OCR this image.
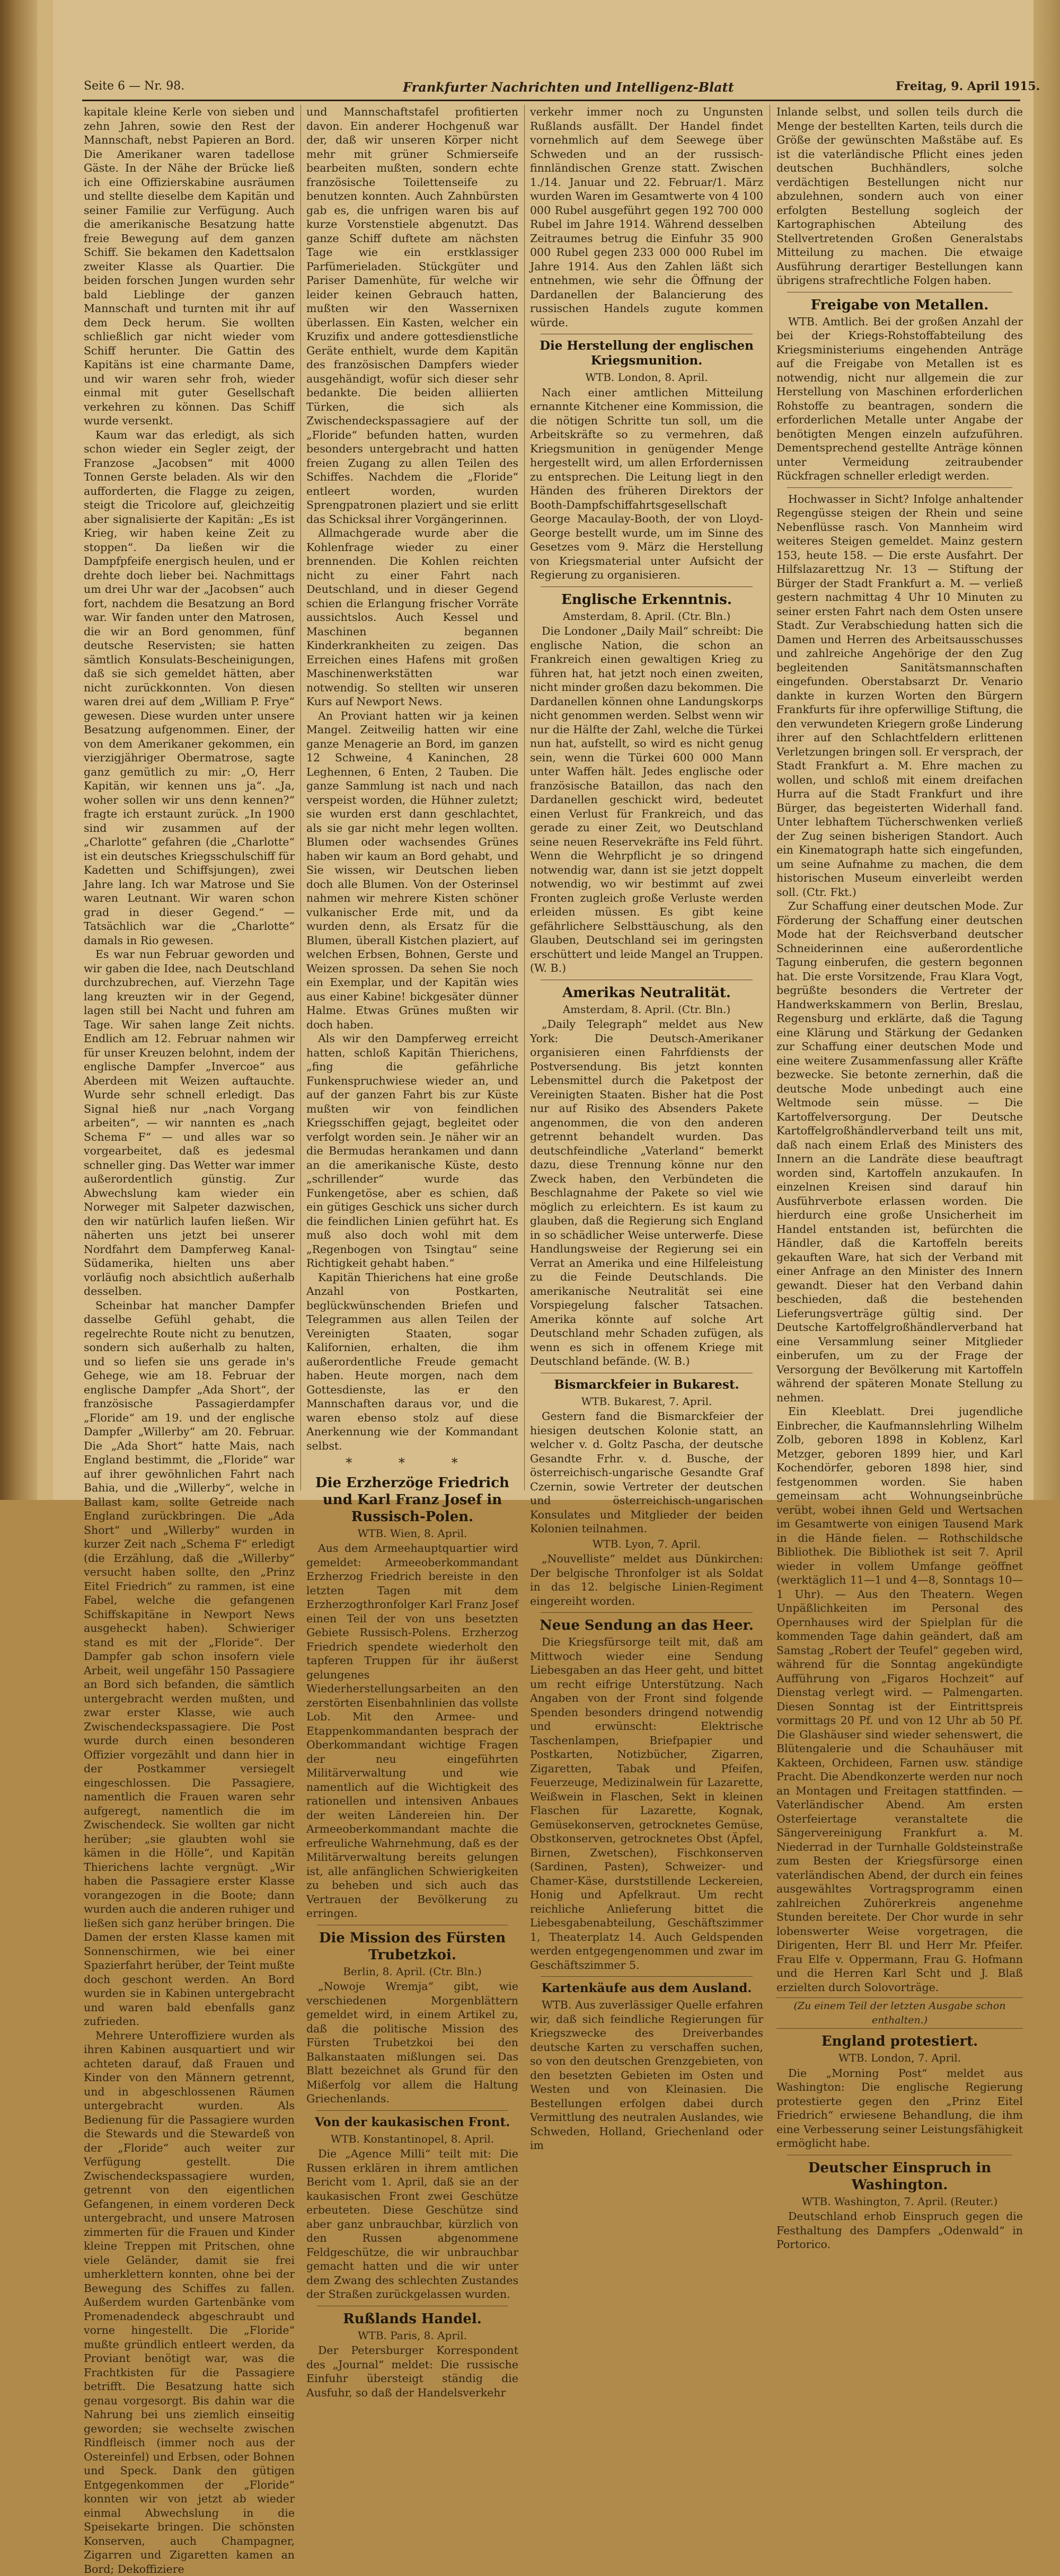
Seite 6 — Nr. 98.	Frankfurter Nachrichten und Intelligenz-Blatt	Freitag, 9. April 1915.

kapitale kleine Kerle von sieben und zehn Jahren, sowie den Rest der Mannschaft, nebst Papieren an Bord. Die Amerikaner waren tadellose Gäste. In der Nähe der Brücke ließ ich eine Offizierskabine ausräumen und stellte dieselbe dem Kapitän und seiner Familie zur Verfügung. Auch die amerikanische Besatzung hatte freie Bewegung auf dem ganzen Schiff. Sie bekamen den Kadettsalon zweiter Klasse als Quartier. Die beiden forschen Jungen wurden sehr bald Lieblinge der ganzen Mannschaft und turnten mit ihr auf dem Deck herum. Sie wollten schließlich gar nicht wieder vom Schiff herunter. Die Gattin des Kapitäns ist eine charmante Dame, und wir waren sehr froh, wieder einmal mit guter Gesellschaft verkehren zu können. Das Schiff wurde versenkt.

Kaum war das erledigt, als sich schon wieder ein Segler zeigt, der Franzose „Jacobsen“ mit 4000 Tonnen Gerste beladen. Als wir den aufforderten, die Flagge zu zeigen, steigt die Tricolore auf, gleichzeitig aber signalisierte der Kapitän: „Es ist Krieg, wir haben keine Zeit zu stoppen“. Da ließen wir die Dampfpfeife energisch heulen, und er drehte doch lieber bei. Nachmittags um drei Uhr war der „Jacobsen“ auch fort, nachdem die Besatzung an Bord war. Wir fanden unter den Matrosen, die wir an Bord genommen, fünf deutsche Reservisten; sie hatten sämtlich Konsulats-Bescheinigungen, daß sie sich gemeldet hätten, aber nicht zurückkonnten. Von diesen waren drei auf dem „William P. Frye“ gewesen. Diese wurden unter unsere Besatzung aufgenommen. Einer, der von dem Amerikaner gekommen, ein vierzigjähriger Obermatrose, sagte ganz gemütlich zu mir: „O, Herr Kapitän, wir kennen uns ja“. „Ja, woher sollen wir uns denn kennen?“ fragte ich erstaunt zurück. „In 1900 sind wir zusammen auf der „Charlotte“ gefahren (die „Charlotte“ ist ein deutsches Kriegsschulschiff für Kadetten und Schiffsjungen), zwei Jahre lang. Ich war Matrose und Sie waren Leutnant. Wir waren schon grad in dieser Gegend.“ — Tatsächlich war die „Charlotte“ damals in Rio gewesen.

Es war nun Februar geworden und wir gaben die Idee, nach Deutschland durchzubrechen, auf. Vierzehn Tage lang kreuzten wir in der Gegend, lagen still bei Nacht und fuhren am Tage. Wir sahen lange Zeit nichts. Endlich am 12. Februar nahmen wir für unser Kreuzen belohnt, indem der englische Dampfer „Invercoe“ aus Aberdeen mit Weizen auftauchte. Wurde sehr schnell erledigt. Das Signal hieß nur „nach Vorgang arbeiten“, — wir nannten es „nach Schema F“ — und alles war so vorgearbeitet, daß es jedesmal schneller ging. Das Wetter war immer außerordentlich günstig. Zur Abwechslung kam wieder ein Norweger mit Salpeter dazwischen, den wir natürlich laufen ließen. Wir näherten uns jetzt bei unserer Nordfahrt dem Dampferweg Kanal-Südamerika, hielten uns aber vorläufig noch absichtlich außerhalb desselben.

Scheinbar hat mancher Dampfer dasselbe Gefühl gehabt, die regelrechte Route nicht zu benutzen, sondern sich außerhalb zu halten, und so liefen sie uns gerade in's Gehege, wie am 18. Februar der englische Dampfer „Ada Short“, der französische Passagierdampfer „Floride“ am 19. und der englische Dampfer „Willerby“ am 20. Februar. Die „Ada Short“ hatte Mais, nach England bestimmt, die „Floride“ war auf ihrer gewöhnlichen Fahrt nach Bahia, und die „Willerby“, welche in Ballast kam, sollte Getreide nach England zurückbringen. Die „Ada Short“ und „Willerby“ wurden in kurzer Zeit nach „Schema F“ erledigt (die Erzählung, daß die „Willerby“ versucht haben sollte, den „Prinz Eitel Friedrich“ zu rammen, ist eine Fabel, welche die gefangenen Schiffskapitäne in Newport News ausgeheckt haben). Schwieriger stand es mit der „Floride“. Der Dampfer gab schon insofern viele Arbeit, weil ungefähr 150 Passagiere an Bord sich befanden, die sämtlich untergebracht werden mußten, und zwar erster Klasse, wie auch Zwischendeckspassagiere. Die Post wurde durch einen besonderen Offizier vorgezählt und dann hier in der Postkammer versiegelt eingeschlossen. Die Passagiere, namentlich die Frauen waren sehr aufgeregt, namentlich die im Zwischendeck. Sie wollten gar nicht herüber; „sie glaubten wohl sie kämen in die Hölle“, und Kapitän Thierichens lachte vergnügt. „Wir haben die Passagiere erster Klasse vorangezogen in die Boote; dann wurden auch die anderen ruhiger und ließen sich ganz herüber bringen. Die Damen der ersten Klasse kamen mit Sonnenschirmen, wie bei einer Spazierfahrt herüber, der Teint mußte doch geschont werden. An Bord wurden sie in Kabinen untergebracht und waren bald ebenfalls ganz zufrieden.

Mehrere Unteroffiziere wurden als ihren Kabinen ausquartiert und wir achteten darauf, daß Frauen und Kinder von den Männern getrennt, und in abgeschlossenen Räumen untergebracht wurden. Als Bedienung für die Passagiere wurden die Stewards und die Stewardeß von der „Floride“ auch weiter zur Verfügung gestellt. Die Zwischendeckspassagiere wurden, getrennt von den eigentlichen Gefangenen, in einem vorderen Deck untergebracht, und unsere Matrosen zimmerten für die Frauen und Kinder kleine Treppen mit Pritschen, ohne viele Geländer, damit sie frei umherklettern konnten, ohne bei der Bewegung des Schiffes zu fallen. Außerdem wurden Gartenbänke vom Promenadendeck abgeschraubt und vorne hingestellt. Die „Floride“ mußte gründlich entleert werden, da Proviant benötigt war, was die Frachtkisten für die Passagiere betrifft. Die Besatzung hatte sich genau vorgesorgt. Bis dahin war die Nahrung bei uns ziemlich einseitig geworden; sie wechselte zwischen Rindfleisch (immer noch aus der Ostereinfel) und Erbsen, oder Bohnen und Speck. Dank den gütigen Entgegenkommen der „Floride“ konnten wir von jetzt ab wieder einmal Abwechslung in die Speisekarte bringen. Die schönsten Konserven, auch Champagner, Zigarren und Zigaretten kamen an Bord; Dekoffiziere

und Mannschaftstafel profitierten davon. Ein anderer Hochgenuß war der, daß wir unseren Körper nicht mehr mit grüner Schmierseife bearbeiten mußten, sondern echte französische Toilettenseife zu benutzen konnten. Auch Zahnbürsten gab es, die unfrigen waren bis auf kurze Vorstenstiele abgenutzt. Das ganze Schiff duftete am nächsten Tage wie ein erstklassiger Parfümerieladen. Stückgüter und Pariser Damenhüte, für welche wir leider keinen Gebrauch hatten, mußten wir den Wassernixen überlassen. Ein Kasten, welcher ein Kruzifix und andere gottesdienstliche Geräte enthielt, wurde dem Kapitän des französischen Dampfers wieder ausgehändigt, wofür sich dieser sehr bedankte. Die beiden alliierten Türken, die sich als Zwischendeckspassagiere auf der „Floride“ befunden hatten, wurden besonders untergebracht und hatten freien Zugang zu allen Teilen des Schiffes. Nachdem die „Floride“ entleert worden, wurden Sprengpatronen plaziert und sie erlitt das Schicksal ihrer Vorgängerinnen.

Allmachgerade wurde aber die Kohlenfrage wieder zu einer brennenden. Die Kohlen reichten nicht zu einer Fahrt nach Deutschland, und in dieser Gegend schien die Erlangung frischer Vorräte aussichtslos. Auch Kessel und Maschinen begannen Kinderkrankheiten zu zeigen. Das Erreichen eines Hafens mit großen Maschinenwerkstätten war notwendig. So stellten wir unseren Kurs auf Newport News.

An Proviant hatten wir ja keinen Mangel. Zeitweilig hatten wir eine ganze Menagerie an Bord, im ganzen 12 Schweine, 4 Kaninchen, 28 Leghennen, 6 Enten, 2 Tauben. Die ganze Sammlung ist nach und nach verspeist worden, die Hühner zuletzt; sie wurden erst dann geschlachtet, als sie gar nicht mehr legen wollten. Blumen oder wachsendes Grünes haben wir kaum an Bord gehabt, und Sie wissen, wir Deutschen lieben doch alle Blumen. Von der Osterinsel nahmen wir mehrere Kisten schöner vulkanischer Erde mit, und da wurden denn, als Ersatz für die Blumen, überall Kistchen plaziert, auf welchen Erbsen, Bohnen, Gerste und Weizen sprossen. Da sehen Sie noch ein Exemplar, und der Kapitän wies aus einer Kabine! bickgesäter dünner Halme. Etwas Grünes mußten wir doch haben.

Als wir den Dampferweg erreicht hatten, schloß Kapitän Thierichens, „fing die gefährliche Funkenspruchwiese wieder an, und auf der ganzen Fahrt bis zur Küste mußten wir von feindlichen Kriegsschiffen gejagt, begleitet oder verfolgt worden sein. Je näher wir an die Bermudas herankamen und dann an die amerikanische Küste, desto „schrillender“ wurde das Funkengetöse, aber es schien, daß ein gütiges Geschick uns sicher durch die feindlichen Linien geführt hat. Es muß also doch wohl mit dem „Regenbogen von Tsingtau“ seine Richtigkeit gehabt haben.“

Kapitän Thierichens hat eine große Anzahl von Postkarten, beglückwünschenden Briefen und Telegrammen aus allen Teilen der Vereinigten Staaten, sogar Kalifornien, erhalten, die ihm außerordentliche Freude gemacht haben. Heute morgen, nach dem Gottesdienste, las er den Mannschaften daraus vor, und die waren ebenso stolz auf diese Anerkennung wie der Kommandant selbst.

* * *
Die Erzherzöge Friedrich und Karl Franz Josef in Russisch-Polen.
WTB. Wien, 8. April.

Aus dem Armeehauptquartier wird gemeldet: Armeeoberkommandant Erzherzog Friedrich bereiste in den letzten Tagen mit dem Erzherzogthronfolger Karl Franz Josef einen Teil der von uns besetzten Gebiete Russisch-Polens. Erzherzog Friedrich spendete wiederholt den tapferen Truppen für ihr äußerst gelungenes Wiederherstellungsarbeiten an den zerstörten Eisenbahnlinien das vollste Lob. Mit den Armee- und Etappenkommandanten besprach der Oberkommandant wichtige Fragen der neu eingeführten Militärverwaltung und wie namentlich auf die Wichtigkeit des rationellen und intensiven Anbaues der weiten Ländereien hin. Der Armeeoberkommandant machte die erfreuliche Wahrnehmung, daß es der Militärverwaltung bereits gelungen ist, alle anfänglichen Schwierigkeiten zu beheben und sich auch das Vertrauen der Bevölkerung zu erringen.

Die Mission des Fürsten Trubetzkoi.
Berlin, 8. April. (Ctr. Bln.)

„Nowoje Wremja“ gibt, wie verschiedenen Morgenblättern gemeldet wird, in einem Artikel zu, daß die politische Mission des Fürsten Trubetzkoi bei den Balkanstaaten mißlungen sei. Das Blatt bezeichnet als Grund für den Mißerfolg vor allem die Haltung Griechenlands.

Von der kaukasischen Front.
WTB. Konstantinopel, 8. April.

Die „Agence Milli“ teilt mit: Die Russen erklären in ihrem amtlichen Bericht vom 1. April, daß sie an der kaukasischen Front zwei Geschütze erbeuteten. Diese Geschütze sind aber ganz unbrauchbar, kürzlich von den Russen abgenommene Feldgeschütze, die wir unbrauchbar gemacht hatten und die wir unter dem Zwang des schlechten Zustandes der Straßen zurückgelassen wurden.

Rußlands Handel.
WTB. Paris, 8. April.

Der Petersburger Korrespondent des „Journal“ meldet: Die russische Einfuhr übersteigt ständig die Ausfuhr, so daß der Handelsverkehr

verkehr immer noch zu Ungunsten Rußlands ausfällt. Der Handel findet vornehmlich auf dem Seewege über Schweden und an der russisch-finnländischen Grenze statt. Zwischen 1./14. Januar und 22. Februar/1. März wurden Waren im Gesamtwerte von 4 100 000 Rubel ausgeführt gegen 192 700 000 Rubel im Jahre 1914. Während desselben Zeitraumes betrug die Einfuhr 35 900 000 Rubel gegen 233 000 000 Rubel im Jahre 1914. Aus den Zahlen läßt sich entnehmen, wie sehr die Öffnung der Dardanellen der Balancierung des russischen Handels zugute kommen würde.

Die Herstellung der englischen Kriegsmunition.
WTB. London, 8. April.

Nach einer amtlichen Mitteilung ernannte Kitchener eine Kommission, die die nötigen Schritte tun soll, um die Arbeitskräfte so zu vermehren, daß Kriegsmunition in genügender Menge hergestellt wird, um allen Erfordernissen zu entsprechen. Die Leitung liegt in den Händen des früheren Direktors der Booth-Dampfschiffahrtsgesellschaft George Macaulay-Booth, der von Lloyd-George bestellt wurde, um im Sinne des Gesetzes vom 9. März die Herstellung von Kriegsmaterial unter Aufsicht der Regierung zu organisieren.

Englische Erkenntnis.
Amsterdam, 8. April. (Ctr. Bln.)

Die Londoner „Daily Mail“ schreibt: Die englische Nation, die schon an Frankreich einen gewaltigen Krieg zu führen hat, hat jetzt noch einen zweiten, nicht minder großen dazu bekommen. Die Dardanellen können ohne Landungskorps nicht genommen werden. Selbst wenn wir nur die Hälfte der Zahl, welche die Türkei nun hat, aufstellt, so wird es nicht genug sein, wenn die Türkei 600 000 Mann unter Waffen hält. Jedes englische oder französische Bataillon, das nach den Dardanellen geschickt wird, bedeutet einen Verlust für Frankreich, und das gerade zu einer Zeit, wo Deutschland seine neuen Reservekräfte ins Feld führt. Wenn die Wehrpflicht je so dringend notwendig war, dann ist sie jetzt doppelt notwendig, wo wir bestimmt auf zwei Fronten zugleich große Verluste werden erleiden müssen. Es gibt keine gefährlichere Selbsttäuschung, als den Glauben, Deutschland sei im geringsten erschüttert und leide Mangel an Truppen. (W. B.)

Amerikas Neutralität.
Amsterdam, 8. April. (Ctr. Bln.)

„Daily Telegraph“ meldet aus New York: Die Deutsch-Amerikaner organisieren einen Fahrfdiensts der Postversendung. Bis jetzt konnten Lebensmittel durch die Paketpost der Vereinigten Staaten. Bisher hat die Post nur auf Risiko des Absenders Pakete angenommen, die von den anderen getrennt behandelt wurden. Das deutschfeindliche „Vaterland“ bemerkt dazu, diese Trennung könne nur den Zweck haben, den Verbündeten die Beschlagnahme der Pakete so viel wie möglich zu erleichtern. Es ist kaum zu glauben, daß die Regierung sich England in so schädlicher Weise unterwerfe. Diese Handlungsweise der Regierung sei ein Verrat an Amerika und eine Hilfeleistung zu die Feinde Deutschlands. Die amerikanische Neutralität sei eine Vorspiegelung falscher Tatsachen. Amerika könnte auf solche Art Deutschland mehr Schaden zufügen, als wenn es sich in offenem Kriege mit Deutschland befände. (W. B.)

Bismarckfeier in Bukarest.
WTB. Bukarest, 7. April.

Gestern fand die Bismarckfeier der hiesigen deutschen Kolonie statt, an welcher v. d. Goltz Pascha, der deutsche Gesandte Frhr. v. d. Busche, der österreichisch-ungarische Gesandte Graf Czernin, sowie Vertreter der deutschen und österreichisch-ungarischen Konsulates und Mitglieder der beiden Kolonien teilnahmen.

WTB. Lyon, 7. April.

„Nouvelliste“ meldet aus Dünkirchen: Der belgische Thronfolger ist als Soldat in das 12. belgische Linien-Regiment eingereiht worden.

Neue Sendung an das Heer.

Die Kriegsfürsorge teilt mit, daß am Mittwoch wieder eine Sendung Liebesgaben an das Heer geht, und bittet um recht eifrige Unterstützung. Nach Angaben von der Front sind folgende Spenden besonders dringend notwendig und erwünscht: Elektrische Taschenlampen, Briefpapier und Postkarten, Notizbücher, Zigarren, Zigaretten, Tabak und Pfeifen, Feuerzeuge, Medizinalwein für Lazarette, Weißwein in Flaschen, Sekt in kleinen Flaschen für Lazarette, Kognak, Gemüsekonserven, getrocknetes Gemüse, Obstkonserven, getrocknetes Obst (Äpfel, Birnen, Zwetschen), Fischkonserven (Sardinen, Pasten), Schweizer- und Chamer-Käse, durststillende Leckereien, Honig und Apfelkraut. Um recht reichliche Anlieferung bittet die Liebesgabenabteilung, Geschäftszimmer 1, Theaterplatz 14. Auch Geldspenden werden entgegengenommen und zwar im Geschäftszimmer 5.

Kartenkäufe aus dem Ausland.

WTB. Aus zuverlässiger Quelle erfahren wir, daß sich feindliche Regierungen für Kriegszwecke des Dreiverbandes deutsche Karten zu verschaffen suchen, so von den deutschen Grenzgebieten, von den besetzten Gebieten im Osten und Westen und von Kleinasien. Die Bestellungen erfolgen dabei durch Vermittlung des neutralen Auslandes, wie Schweden, Holland, Griechenland oder im

Inlande selbst, und sollen teils durch die Menge der bestellten Karten, teils durch die Größe der gewünschten Maßstäbe auf. Es ist die vaterländische Pflicht eines jeden deutschen Buchhändlers, solche verdächtigen Bestellungen nicht nur abzulehnen, sondern auch von einer erfolgten Bestellung sogleich der Kartographischen Abteilung des Stellvertretenden Großen Generalstabs Mitteilung zu machen. Die etwaige Ausführung derartiger Bestellungen kann übrigens strafrechtliche Folgen haben.

Freigabe von Metallen.

WTB. Amtlich. Bei der großen Anzahl der bei der Kriegs-Rohstoffabteilung des Kriegsministeriums eingehenden Anträge auf die Freigabe von Metallen ist es notwendig, nicht nur allgemein die zur Herstellung von Maschinen erforderlichen Rohstoffe zu beantragen, sondern die erforderlichen Metalle unter Angabe der benötigten Mengen einzeln aufzuführen. Dementsprechend gestellte Anträge können unter Vermeidung zeitraubender Rückfragen schneller erledigt werden.

Hochwasser in Sicht? Infolge anhaltender Regengüsse steigen der Rhein und seine Nebenflüsse rasch. Von Mannheim wird weiteres Steigen gemeldet. Mainz gestern 153, heute 158. — Die erste Ausfahrt. Der Hilfslazarettzug Nr. 13 — Stiftung der Bürger der Stadt Frankfurt a. M. — verließ gestern nachmittag 4 Uhr 10 Minuten zu seiner ersten Fahrt nach dem Osten unsere Stadt. Zur Verabschiedung hatten sich die Damen und Herren des Arbeitsausschusses und zahlreiche Angehörige der den Zug begleitenden Sanitätsmannschaften eingefunden. Oberstabsarzt Dr. Venario dankte in kurzen Worten den Bürgern Frankfurts für ihre opferwillige Stiftung, die den verwundeten Kriegern große Linderung ihrer auf den Schlachtfeldern erlittenen Verletzungen bringen soll. Er versprach, der Stadt Frankfurt a. M. Ehre machen zu wollen, und schloß mit einem dreifachen Hurra auf die Stadt Frankfurt und ihre Bürger, das begeisterten Widerhall fand. Unter lebhaftem Tücherschwenken verließ der Zug seinen bisherigen Standort. Auch ein Kinematograph hatte sich eingefunden, um seine Aufnahme zu machen, die dem historischen Museum einverleibt werden soll. (Ctr. Fkt.)

Zur Schaffung einer deutschen Mode. Zur Förderung der Schaffung einer deutschen Mode hat der Reichsverband deutscher Schneiderinnen eine außerordentliche Tagung einberufen, die gestern begonnen hat. Die erste Vorsitzende, Frau Klara Vogt, begrüßte besonders die Vertreter der Handwerkskammern von Berlin, Breslau, Regensburg und erklärte, daß die Tagung eine Klärung und Stärkung der Gedanken zur Schaffung einer deutschen Mode und eine weitere Zusammenfassung aller Kräfte bezwecke. Sie betonte zernerhin, daß die deutsche Mode unbedingt auch eine Weltmode sein müsse. — Die Kartoffelversorgung. Der Deutsche Kartoffelgroßhändlerverband teilt uns mit, daß nach einem Erlaß des Ministers des Innern an die Landräte diese beauftragt worden sind, Kartoffeln anzukaufen. In einzelnen Kreisen sind darauf hin Ausführverbote erlassen worden. Die hierdurch eine große Unsicherheit im Handel entstanden ist, befürchten die Händler, daß die Kartoffeln bereits gekauften Ware, hat sich der Verband mit einer Anfrage an den Minister des Innern gewandt. Dieser hat den Verband dahin beschieden, daß die bestehenden Lieferungsverträge gültig sind. Der Deutsche Kartoffelgroßhändlerverband hat eine Versammlung seiner Mitglieder einberufen, um zu der Frage der Versorgung der Bevölkerung mit Kartoffeln während der späteren Monate Stellung zu nehmen.

Ein Kleeblatt. Drei jugendliche Einbrecher, die Kaufmannslehrling Wilhelm Zolb, geboren 1898 in Koblenz, Karl Metzger, geboren 1899 hier, und Karl Kochendörfer, geboren 1898 hier, sind festgenommen worden. Sie haben gemeinsam acht Wohnungseinbrüche verübt, wobei ihnen Geld und Wertsachen im Gesamtwerte von einigen Tausend Mark in die Hände fielen. — Rothschildsche Bibliothek. Die Bibliothek ist seit 7. April wieder in vollem Umfange geöffnet (werktäglich 11—1 und 4—8, Sonntags 10—1 Uhr). — Aus den Theatern. Wegen Unpäßlichkeiten im Personal des Opernhauses wird der Spielplan für die kommenden Tage dahin geändert, daß am Samstag „Robert der Teufel“ gegeben wird, während für die Sonntag angekündigte Aufführung von „Figaros Hochzeit“ auf Dienstag verlegt wird. — Palmengarten. Diesen Sonntag ist der Eintrittspreis vormittags 20 Pf. und von 12 Uhr ab 50 Pf. Die Glashäuser sind wieder sehenswert, die Blütengalerie und die Schauhäuser mit Kakteen, Orchideen, Farnen usw. ständige Pracht. Die Abendkonzerte werden nur noch an Montagen und Freitagen stattfinden. — Vaterländischer Abend. Am ersten Osterfeiertage veranstaltete die Sängervereinigung Frankfurt a. M. Niederrad in der Turnhalle Goldsteinstraße zum Besten der Kriegsfürsorge einen vaterländischen Abend, der durch ein feines ausgewähltes Vortragsprogramm einen zahlreichen Zuhörerkreis angenehme Stunden bereitete. Der Chor wurde in sehr lobenswerter Weise vorgetragen, die Dirigenten, Herr Bl. und Herr Mr. Pfeifer. Frau Elfe v. Oppermann, Frau G. Hofmann und die Herren Karl Scht und J. Blaß erzielten durch Solovorträge.

(Zu einem Teil der letzten Ausgabe schon enthalten.)
England protestiert.
WTB. London, 7. April.

Die „Morning Post“ meldet aus Washington: Die englische Regierung protestierte gegen den „Prinz Eitel Friedrich“ erwiesene Behandlung, die ihm eine Verbesserung seiner Leistungsfähigkeit ermöglicht habe.

Deutscher Einspruch in Washington.
WTB. Washington, 7. April. (Reuter.)

Deutschland erhob Einspruch gegen die Festhaltung des Dampfers „Odenwald“ in Portorico.
